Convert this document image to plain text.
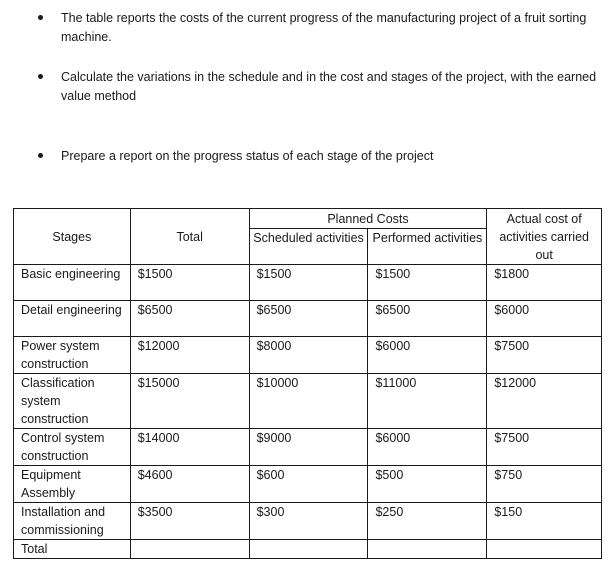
The table reports the costs of the current progress of the manufacturing project of a fruit sorting machine.
Calculate the variations in the schedule and in the cost and stages of the project, with the earned value method
Prepare a report on the progress status of each stage of the project
Stages	Total	Planned Costs		Actual cost of activities carried out
		Scheduled activities	Performed activities	
Basic engineering	$1500	$1500	$1500	$1800
Detail engineering	$6500	$6500	$6500	$6000
Power system construction	$12000	$8000	$6000	$7500
Classification system construction	$15000	$10000	$11000	$12000
Control system construction	$14000	$9000	$6000	$7500
Equipment Assembly	$4600	$600	$500	$750
Installation and commissioning	$3500	$300	$250	$150
Total				
